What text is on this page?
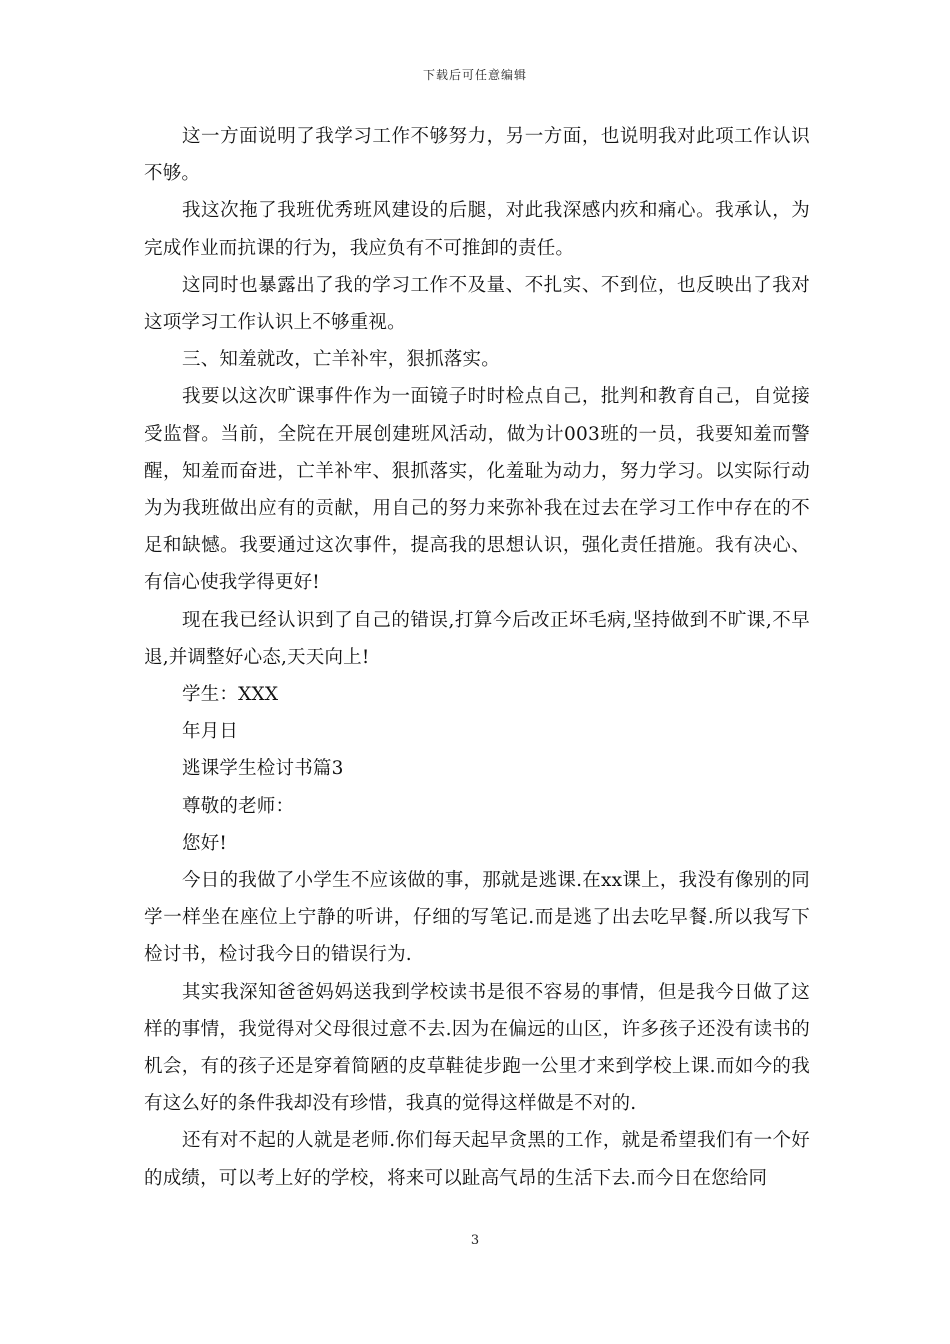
下载后可任意编辑

这一方面说明了我学习工作不够努力，另一方面，也说明我对此项工作认识不够。

我这次拖了我班优秀班风建设的后腿，对此我深感内疚和痛心。我承认，为完成作业而抗课的行为，我应负有不可推卸的责任。

这同时也暴露出了我的学习工作不及量、不扎实、不到位，也反映出了我对这项学习工作认识上不够重视。

三、知羞就改，亡羊补牢，狠抓落实。

我要以这次旷课事件作为一面镜子时时检点自己，批判和教育自己，自觉接受监督。当前，全院在开展创建班风活动，做为计003班的一员，我要知羞而警醒，知羞而奋进，亡羊补牢、狠抓落实，化羞耻为动力，努力学习。以实际行动为为我班做出应有的贡献，用自己的努力来弥补我在过去在学习工作中存在的不足和缺憾。我要通过这次事件，提高我的思想认识，强化责任措施。我有决心、有信心使我学得更好!

现在我已经认识到了自己的错误,打算今后改正坏毛病,坚持做到不旷课,不早退,并调整好心态,天天向上!

学生：XXX

年月日

逃课学生检讨书篇3

尊敬的老师：

您好!

今日的我做了小学生不应该做的事，那就是逃课.在xx课上，我没有像别的同学一样坐在座位上宁静的听讲，仔细的写笔记.而是逃了出去吃早餐.所以我写下检讨书，检讨我今日的错误行为.

其实我深知爸爸妈妈送我到学校读书是很不容易的事情，但是我今日做了这样的事情，我觉得对父母很过意不去.因为在偏远的山区，许多孩子还没有读书的机会，有的孩子还是穿着简陋的皮草鞋徒步跑一公里才来到学校上课.而如今的我有这么好的条件我却没有珍惜，我真的觉得这样做是不对的.

还有对不起的人就是老师.你们每天起早贪黑的工作，就是希望我们有一个好的成绩，可以考上好的学校，将来可以趾高气昂的生活下去.而今日在您给同

3
